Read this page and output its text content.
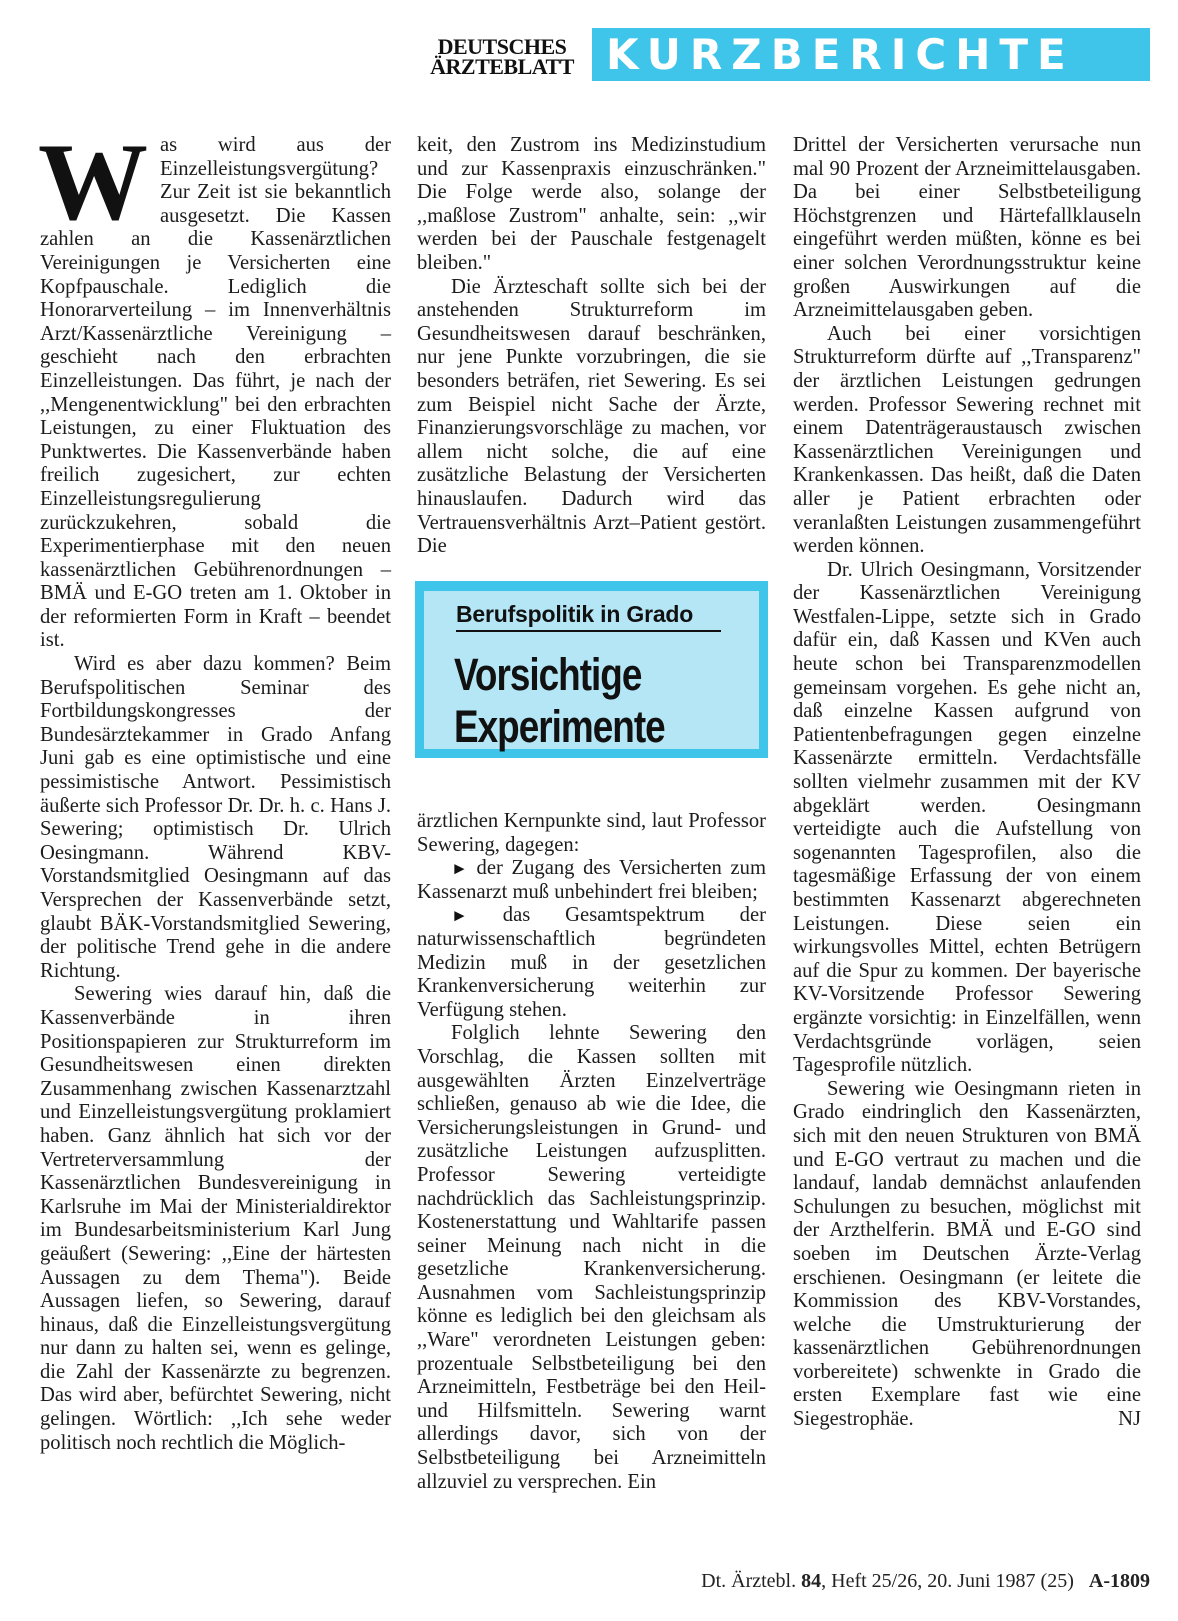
DEUTSCHES
ÄRZTEBLATT KURZBERICHTE

Was wird aus der Einzelleistungsvergütung? Zur Zeit ist sie bekanntlich ausgesetzt. Die Kassen zahlen an die Kassenärztlichen Vereinigungen je Versicherten eine Kopfpauschale. Lediglich die Honorarverteilung – im Innenverhältnis Arzt/Kassenärztliche Vereinigung – geschieht nach den erbrachten Einzelleistungen. Das führt, je nach der ,,Mengenentwicklung" bei den erbrachten Leistungen, zu einer Fluktuation des Punktwertes. Die Kassenverbände haben freilich zugesichert, zur echten Einzelleistungsregulierung zurückzukehren, sobald die Experimentierphase mit den neuen kassenärztlichen Gebührenordnungen – BMÄ und E-GO treten am 1. Oktober in der reformierten Form in Kraft – beendet ist.

Wird es aber dazu kommen? Beim Berufspolitischen Seminar des Fortbildungskongresses der Bundesärztekammer in Grado Anfang Juni gab es eine optimistische und eine pessimistische Antwort. Pessimistisch äußerte sich Professor Dr. Dr. h. c. Hans J. Sewering; optimistisch Dr. Ulrich Oesingmann. Während KBV-Vorstandsmitglied Oesingmann auf das Versprechen der Kassenverbände setzt, glaubt BÄK-Vorstandsmitglied Sewering, der politische Trend gehe in die andere Richtung.

Sewering wies darauf hin, daß die Kassenverbände in ihren Positionspapieren zur Strukturreform im Gesundheitswesen einen direkten Zusammenhang zwischen Kassenarztzahl und Einzelleistungsvergütung proklamiert haben. Ganz ähnlich hat sich vor der Vertreterversammlung der Kassenärztlichen Bundesvereinigung in Karlsruhe im Mai der Ministerialdirektor im Bundesarbeitsministerium Karl Jung geäußert (Sewering: ,,Eine der härtesten Aussagen zu dem Thema"). Beide Aussagen liefen, so Sewering, darauf hinaus, daß die Einzelleistungsvergütung nur dann zu halten sei, wenn es gelinge, die Zahl der Kassenärzte zu begrenzen. Das wird aber, befürchtet Sewering, nicht gelingen. Wörtlich: ,,Ich sehe weder politisch noch rechtlich die Möglich-

keit, den Zustrom ins Medizinstudium und zur Kassenpraxis einzuschränken." Die Folge werde also, solange der ,,maßlose Zustrom" anhalte, sein: ,,wir werden bei der Pauschale festgenagelt bleiben."

Die Ärzteschaft sollte sich bei der anstehenden Strukturreform im Gesundheitswesen darauf beschränken, nur jene Punkte vorzubringen, die sie besonders beträfen, riet Sewering. Es sei zum Beispiel nicht Sache der Ärzte, Finanzierungsvorschläge zu machen, vor allem nicht solche, die auf eine zusätzliche Belastung der Versicherten hinauslaufen. Dadurch wird das Vertrauensverhältnis Arzt–Patient gestört. Die

Berufspolitik in Grado
Vorsichtige
Experimente

ärztlichen Kernpunkte sind, laut Professor Sewering, dagegen:

► der Zugang des Versicherten zum Kassenarzt muß unbehindert frei bleiben;

► das Gesamtspektrum der naturwissenschaftlich begründeten Medizin muß in der gesetzlichen Krankenversicherung weiterhin zur Verfügung stehen.

Folglich lehnte Sewering den Vorschlag, die Kassen sollten mit ausgewählten Ärzten Einzelverträge schließen, genauso ab wie die Idee, die Versicherungsleistungen in Grund- und zusätzliche Leistungen aufzusplitten. Professor Sewering verteidigte nachdrücklich das Sachleistungsprinzip. Kostenerstattung und Wahltarife passen seiner Meinung nach nicht in die gesetzliche Krankenversicherung. Ausnahmen vom Sachleistungsprinzip könne es lediglich bei den gleichsam als ,,Ware" verordneten Leistungen geben: prozentuale Selbstbeteiligung bei den Arzneimitteln, Festbeträge bei den Heil- und Hilfsmitteln. Sewering warnt allerdings davor, sich von der Selbstbeteiligung bei Arzneimitteln allzuviel zu versprechen. Ein

Drittel der Versicherten verursache nun mal 90 Prozent der Arzneimittelausgaben. Da bei einer Selbstbeteiligung Höchstgrenzen und Härtefallklauseln eingeführt werden müßten, könne es bei einer solchen Verordnungsstruktur keine großen Auswirkungen auf die Arzneimittelausgaben geben.

Auch bei einer vorsichtigen Strukturreform dürfte auf ,,Transparenz" der ärztlichen Leistungen gedrungen werden. Professor Sewering rechnet mit einem Datenträgeraustausch zwischen Kassenärztlichen Vereinigungen und Krankenkassen. Das heißt, daß die Daten aller je Patient erbrachten oder veranlaßten Leistungen zusammengeführt werden können.

Dr. Ulrich Oesingmann, Vorsitzender der Kassenärztlichen Vereinigung Westfalen-Lippe, setzte sich in Grado dafür ein, daß Kassen und KVen auch heute schon bei Transparenzmodellen gemeinsam vorgehen. Es gehe nicht an, daß einzelne Kassen aufgrund von Patientenbefragungen gegen einzelne Kassenärzte ermitteln. Verdachtsfälle sollten vielmehr zusammen mit der KV abgeklärt werden. Oesingmann verteidigte auch die Aufstellung von sogenannten Tagesprofilen, also die tagesmäßige Erfassung der von einem bestimmten Kassenarzt abgerechneten Leistungen. Diese seien ein wirkungsvolles Mittel, echten Betrügern auf die Spur zu kommen. Der bayerische KV-Vorsitzende Professor Sewering ergänzte vorsichtig: in Einzelfällen, wenn Verdachtsgründe vorlägen, seien Tagesprofile nützlich.

Sewering wie Oesingmann rieten in Grado eindringlich den Kassenärzten, sich mit den neuen Strukturen von BMÄ und E-GO vertraut zu machen und die landauf, landab demnächst anlaufenden Schulungen zu besuchen, möglichst mit der Arzthelferin. BMÄ und E-GO sind soeben im Deutschen Ärzte-Verlag erschienen. Oesingmann (er leitete die Kommission des KBV-Vorstandes, welche die Umstrukturierung der kassenärztlichen Gebührenordnungen vorbereitete) schwenkte in Grado die ersten Exemplare fast wie eine Siegestrophäe.	NJ

Dt. Ärztebl. 84, Heft 25/26, 20. Juni 1987 (25) A-1809
